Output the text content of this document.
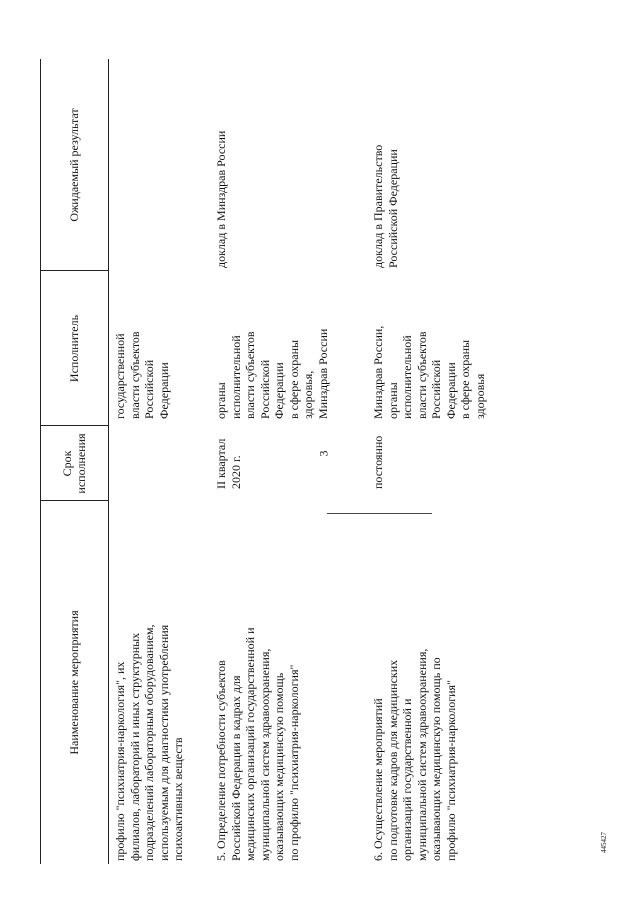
3
445427
Наименование мероприятия
Срок исполнения
Исполнитель
Ожидаемый результат
профилю "психиатрия-наркология", их филиалов, лабораторий и иных структурных подразделений лабораторным оборудованием, используемым для диагностики употребления психоактивных веществ
государственной власти субъектов Российской Федерации
5. Определение потребности субъектов Российской Федерации в кадрах для медицинских организаций государственной и муниципальной систем здравоохранения, оказывающих медицинскую помощь по профилю "психиатрия-наркология"
II квартал 2020 г.
органы исполнительной власти субъектов Российской Федерации в сфере охраны здоровья, Минздрав России
доклад в Минздрав России
6. Осуществление мероприятий по подготовке кадров для медицинских организаций государственной и муниципальной систем здравоохранения, оказывающих медицинскую помощь по профилю "психиатрия-наркология"
постоянно
Минздрав России, органы исполнительной власти субъектов Российской Федерации в сфере охраны здоровья
доклад в Правительство Российской Федерации
